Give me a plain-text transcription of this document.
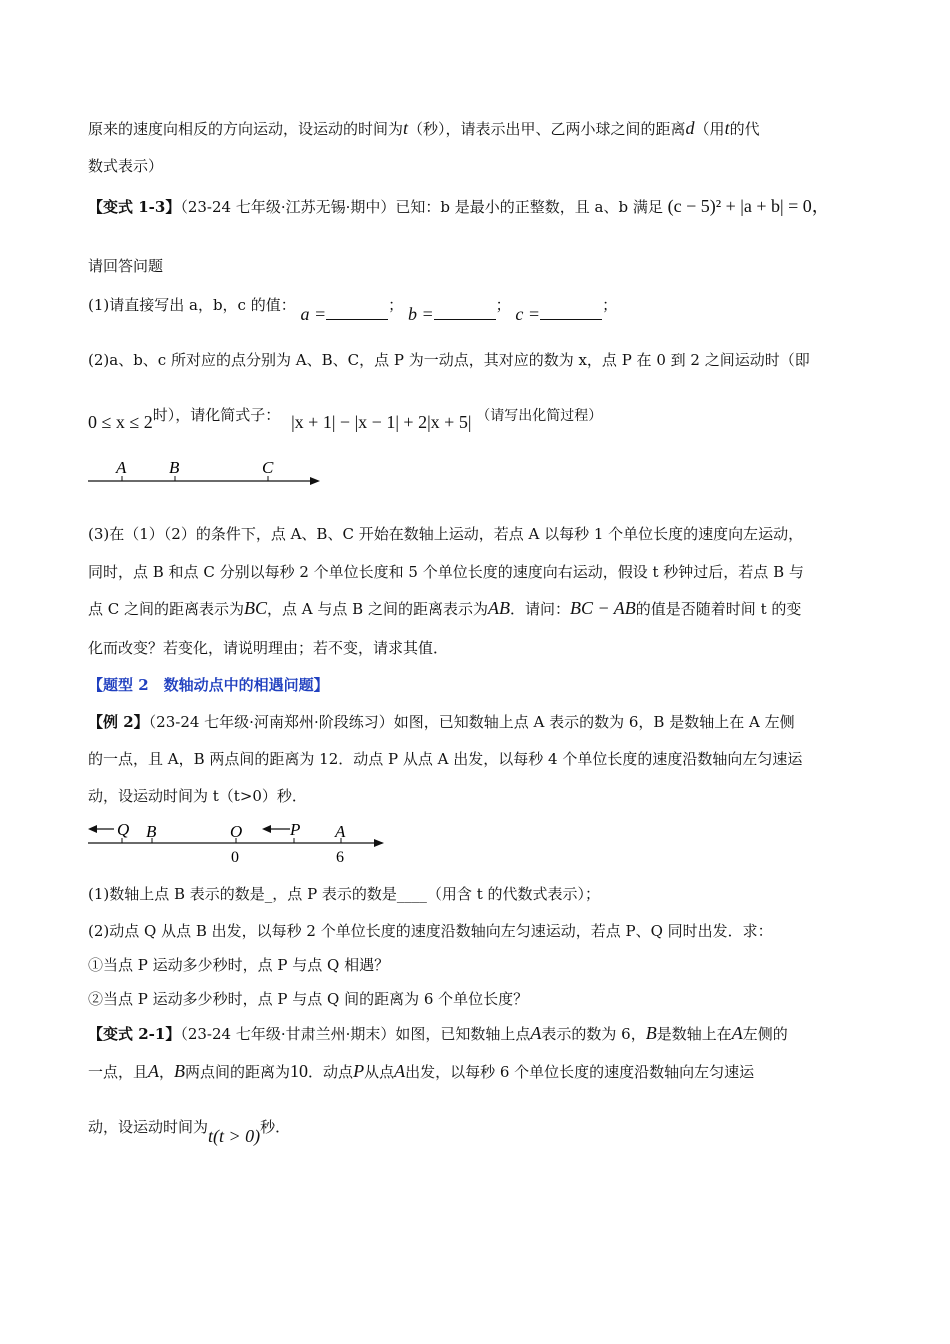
原来的速度向相反的方向运动，设运动的时间为t（秒），请表示出甲、乙两小球之间的距离d（用t的代
数式表示）
【变式 1-3】（23-24 七年级·江苏无锡·期中）已知：b 是最小的正整数，且 a、b 满足 (c − 5)² + |a + b| = 0，
请回答问题
(1)请直接写出 a，b，c 的值： a =	； b =	； c =	；
(2)a、b、c 所对应的点分别为 A、B、C，点 P 为一动点，其对应的数为 x，点 P 在 0 到 2 之间运动时（即
0 ≤ x ≤ 2时），请化简式子： |x + 1| − |x − 1| + 2|x + 5| （请写出化简过程）
A	B	C
(3)在（1）（2）的条件下，点 A、B、C 开始在数轴上运动，若点 A 以每秒 1 个单位长度的速度向左运动，
同时，点 B 和点 C 分别以每秒 2 个单位长度和 5 个单位长度的速度向右运动，假设 t 秒钟过后，若点 B 与
点 C 之间的距离表示为BC，点 A 与点 B 之间的距离表示为AB．请问：BC − AB的值是否随着时间 t 的变
化而改变？若变化，请说明理由；若不变，请求其值．
【题型 2　数轴动点中的相遇问题】
【例 2】（23-24 七年级·河南郑州·阶段练习）如图，已知数轴上点 A 表示的数为 6，B 是数轴上在 A 左侧
的一点，且 A，B 两点间的距离为 12．动点 P 从点 A 出发，以每秒 4 个单位长度的速度沿数轴向左匀速运
动，设运动时间为 t（t>0）秒．
Q B	O	P A
0	6
(1)数轴上点 B 表示的数是_，点 P 表示的数是____（用含 t 的代数式表示）；
(2)动点 Q 从点 B 出发，以每秒 2 个单位长度的速度沿数轴向左匀速运动，若点 P、Q 同时出发．求：
①当点 P 运动多少秒时，点 P 与点 Q 相遇？
②当点 P 运动多少秒时，点 P 与点 Q 间的距离为 6 个单位长度？
【变式 2-1】（23-24 七年级·甘肃兰州·期末）如图，已知数轴上点A表示的数为 6，B是数轴上在A左侧的
一点，且A，B两点间的距离为10．动点P从点A出发，以每秒 6 个单位长度的速度沿数轴向左匀速运
动，设运动时间为t(t > 0)秒．
